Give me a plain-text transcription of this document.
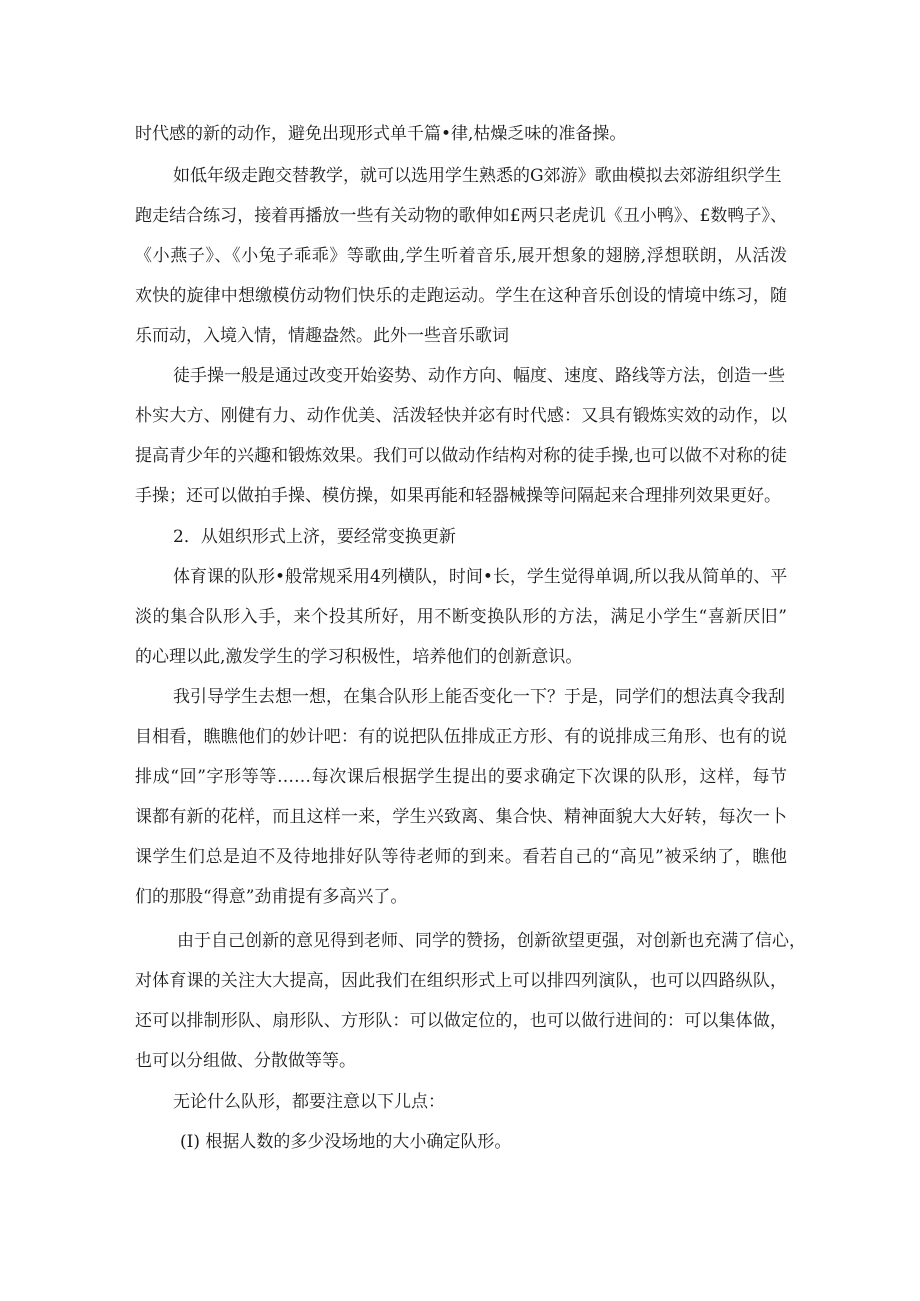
时代感的新的动作，避免出现形式单千篇•律,枯燥乏味的准备操。

如低年级走跑交替教学，就可以选用学生熟悉的G郊游》歌曲模拟去郊游组织学生

跑走结合练习，接着再播放一些有关动物的歌伸如£两只老虎讥《丑小鸭》、£数鸭子》、

《小燕子》、《小兔子乖乖》等歌曲,学生听着音乐,展开想象的翅膀,浮想联朗，从活泼

欢快的旋律中想缴模仿动物们快乐的走跑运动。学生在这种音乐创设的情境中练习，随

乐而动，入境入情，情趣盎然。此外一些音乐歌词

徒手操一般是通过改变开始姿势、动作方向、幅度、速度、路线等方法，创造一些

朴实大方、刚健有力、动作优美、活泼轻快并宓有时代感：又具有锻炼实效的动作，以

提高青少年的兴趣和锻炼效果。我们可以做动作结构对称的徒手操,也可以做不对称的徒

手操；还可以做拍手操、模仿操，如果再能和轻器械操等问隔起来合理排列效果更好。

2．从姐织形式上济，要经常变换更新

体育课的队形•般常规采用4列横队，时间•长，学生觉得单调,所以我从简单的、平

淡的集合队形入手，来个投其所好，用不断变换队形的方法，满足小学生“喜新厌旧”

的心理以此,激发学生的学习积极性，培养他们的创新意识。

我引导学生去想一想，在集合队形上能否变化一下？于是，同学们的想法真令我刮

目相看，瞧瞧他们的妙计吧：有的说把队伍排成正方形、有的说排成三角形、也有的说

排成“回”字形等等……每次课后根据学生提出的要求确定下次课的队形，这样，每节

课都有新的花样，而且这样一来，学生兴致离、集合快、精神面貌大大好转，每次一卜

课学生们总是迫不及待地排好队等待老师的到来。看若自己的“高见”被采纳了，瞧他

们的那股“得意”劲甫提有多高兴了。

由于自己创新的意见得到老师、同学的赞扬，创新欲望更强，对创新也充满了信心，

对体育课的关注大大提高，因此我们在组织形式上可以排四列演队，也可以四路纵队，

还可以排制形队、扇形队、方形队：可以做定位的，也可以做行进间的：可以集体做，

也可以分组做、分散做等等。

无论什么队形，都要注意以下儿点：

(I) 根据人数的多少没场地的大小确定队形。
